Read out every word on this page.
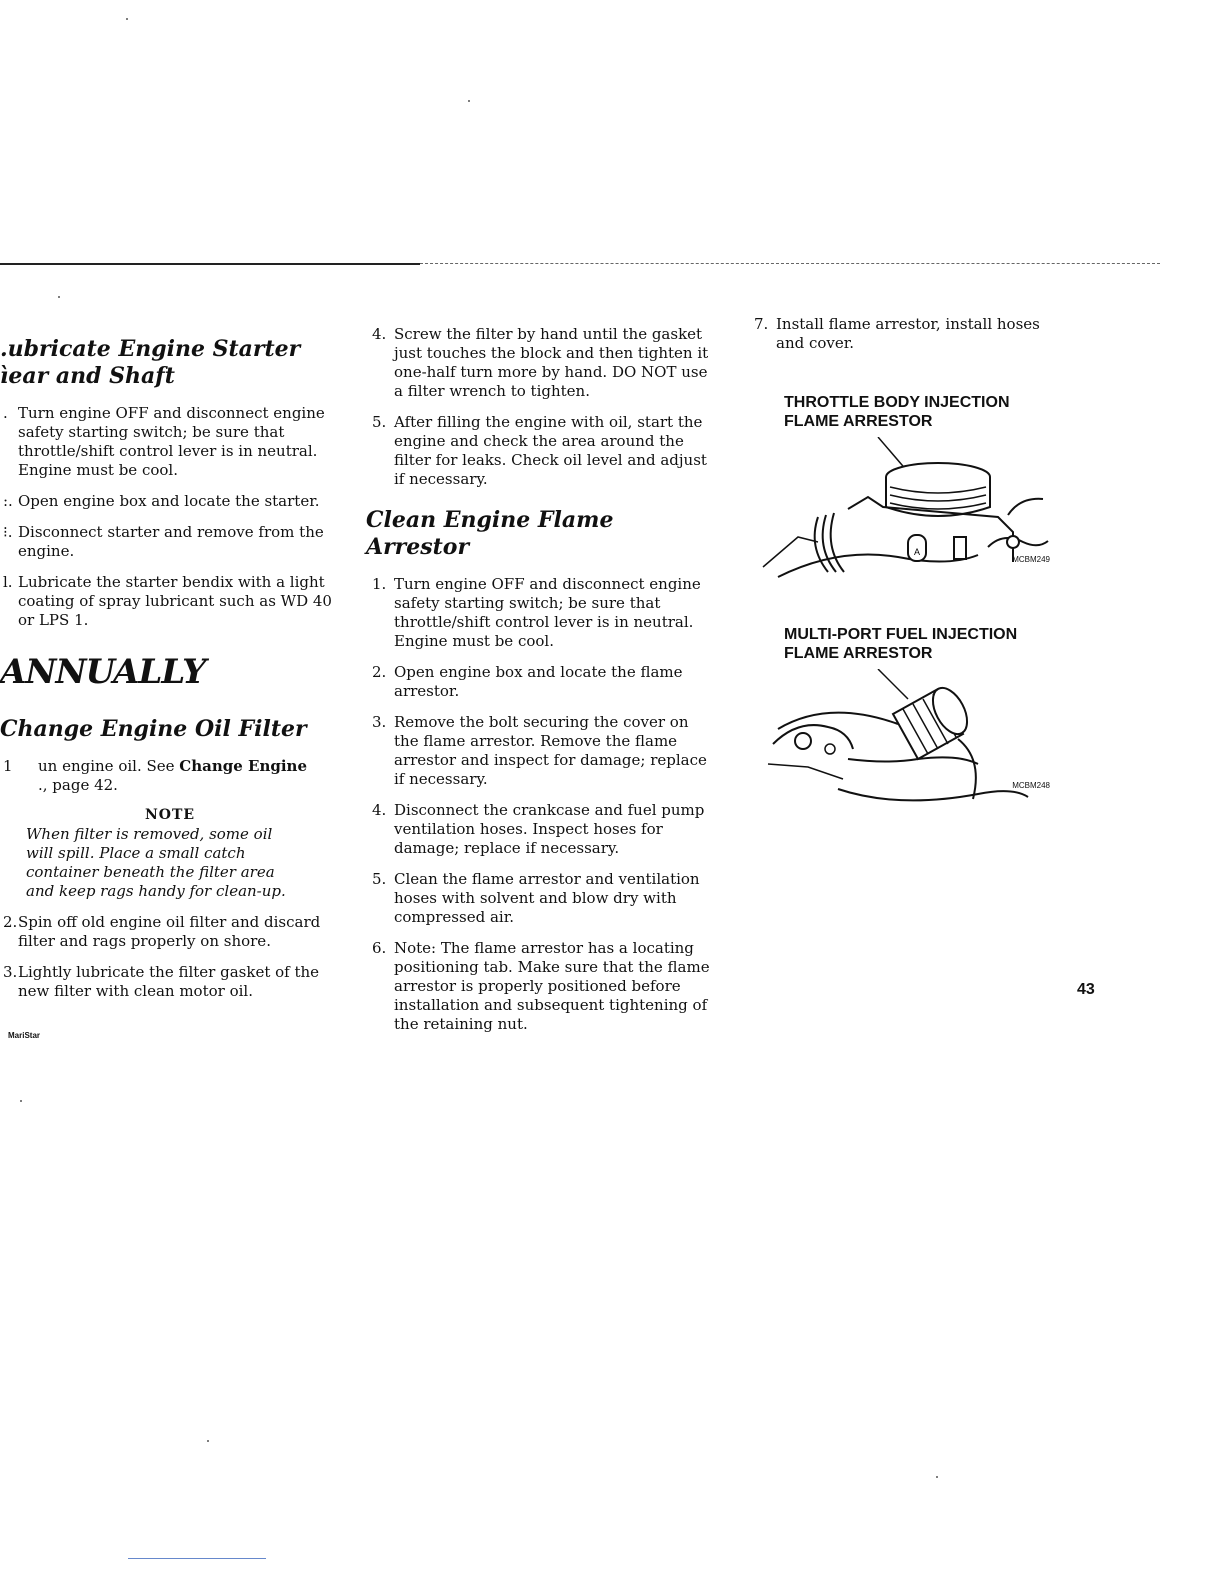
.ubricate Engine Starter
ìear and Shaft
. Turn engine OFF and disconnect engine safety starting switch; be sure that throttle/shift control lever is in neutral. Engine must be cool.
:. Open engine box and locate the starter.
⁝. Disconnect starter and remove from the engine.
l. Lubricate the starter bendix with a light coating of spray lubricant such as WD 40 or LPS 1.
ANNUALLY
Change Engine Oil Filter
1 un engine oil. See Change Engine
., page 42.
NOTE
When filter is removed, some oil will spill. Place a small catch container beneath the filter area and keep rags handy for clean-up.
2. Spin off old engine oil filter and discard filter and rags properly on shore.
3. Lightly lubricate the filter gasket of the new filter with clean motor oil.
4. Screw the filter by hand until the gasket just touches the block and then tighten it one-half turn more by hand. DO NOT use a filter wrench to tighten.
5. After filling the engine with oil, start the engine and check the area around the filter for leaks. Check oil level and adjust if necessary.
Clean Engine Flame Arrestor
1. Turn engine OFF and disconnect engine safety starting switch; be sure that throttle/shift control lever is in neutral. Engine must be cool.
2. Open engine box and locate the flame arrestor.
3. Remove the bolt securing the cover on the flame arrestor. Remove the flame arrestor and inspect for damage; replace if necessary.
4. Disconnect the crankcase and fuel pump ventilation hoses. Inspect hoses for damage; replace if necessary.
5. Clean the flame arrestor and ventilation hoses with solvent and blow dry with compressed air.
6. Note: The flame arrestor has a locating positioning tab. Make sure that the flame arrestor is properly positioned before installation and subsequent tightening of the retaining nut.
7. Install flame arrestor, install hoses and cover.
THROTTLE BODY INJECTION
FLAME ARRESTOR
A
MCBM249
MULTI-PORT FUEL INJECTION
FLAME ARRESTOR
MCBM248
43
MariStar
